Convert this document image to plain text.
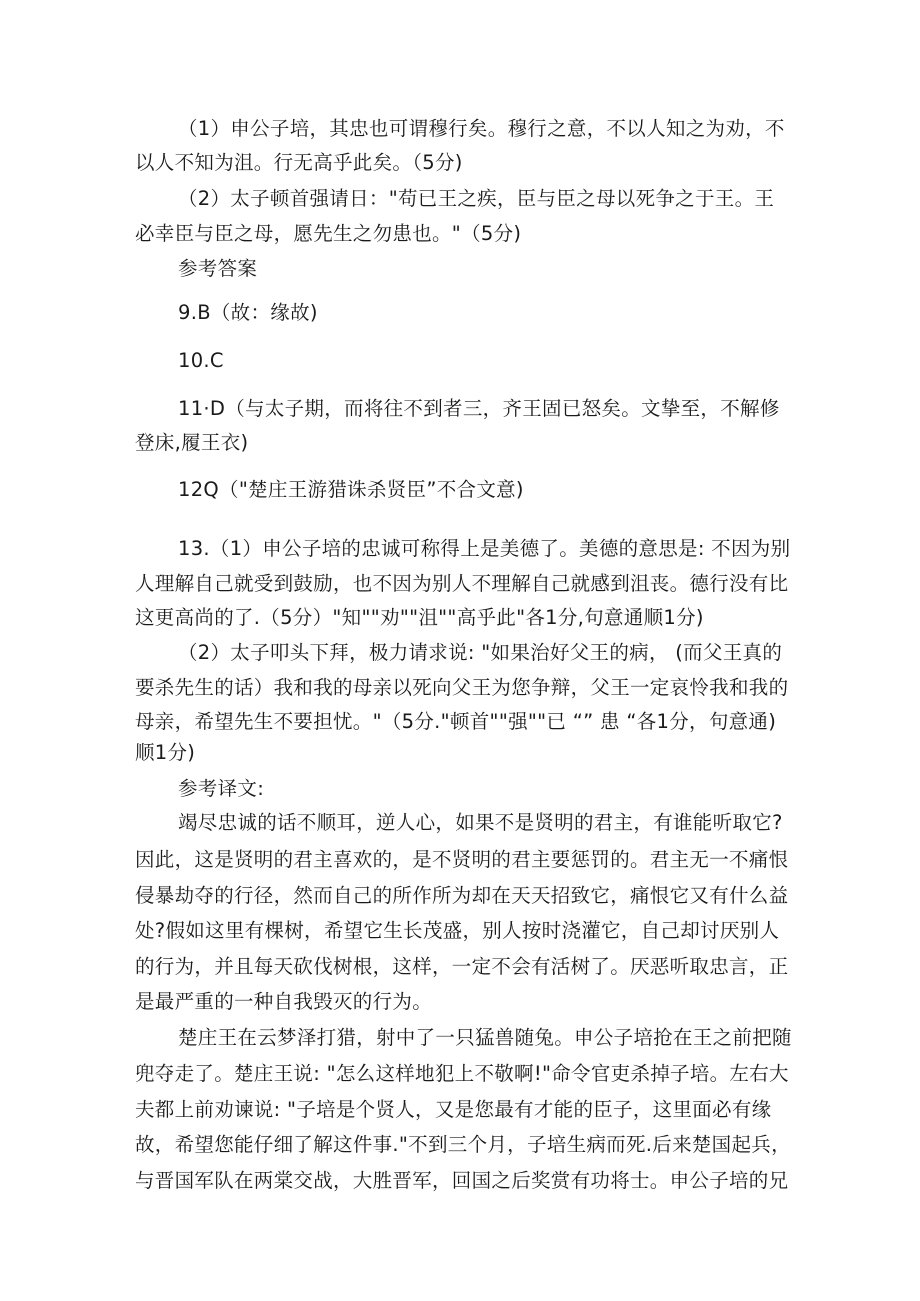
（1）申公子培，其忠也可谓穆行矣。穆行之意，不以人知之为劝，不
以人不知为沮。行无高乎此矣。（5分)
（2）太子顿首强请日："苟已王之疾，臣与臣之母以死争之于王。王
必幸臣与臣之母，愿先生之勿患也。"（5分)
参考答案
9.B（故：缘故)
10.C
11·D（与太子期，而将往不到者三，齐王固已怒矣。文挚至，不解修
登床,履王衣)
12Q（"楚庄王游猎诛杀贤臣”不合文意)
13.（1）申公子培的忠诚可称得上是美德了。美德的意思是: 不因为别
人理解自己就受到鼓励，也不因为别人不理解自己就感到沮丧。德行没有比
这更高尚的了.（5分）"知""劝""沮""高乎此"各1分,句意通顺1分)
（2）太子叩头下拜，极力请求说: "如果治好父王的病， (而父王真的
要杀先生的话）我和我的母亲以死向父王为您争辩，父王一定哀怜我和我的
母亲，希望先生不要担忧。"（5分."顿首""强""已 “” 患 “各1分，句意通)
顺1分)
参考译文:
竭尽忠诚的话不顺耳，逆人心，如果不是贤明的君主，有谁能听取它?
因此，这是贤明的君主喜欢的，是不贤明的君主要惩罚的。君主无一不痛恨
侵暴劫夺的行径，然而自己的所作所为却在天天招致它，痛恨它又有什么益
处?假如这里有棵树，希望它生长茂盛，别人按时浇灌它，自己却讨厌别人
的行为，并且每天砍伐树根，这样，一定不会有活树了。厌恶听取忠言，正
是最严重的一种自我毁灭的行为。
楚庄王在云梦泽打猎，射中了一只猛兽随兔。申公子培抢在王之前把随
兜夺走了。楚庄王说: "怎么这样地犯上不敬啊!"命令官吏杀掉子培。左右大
夫都上前劝谏说: "子培是个贤人，又是您最有才能的臣子，这里面必有缘
故，希望您能仔细了解这件事."不到三个月，子培生病而死.后来楚国起兵，
与晋国军队在两棠交战，大胜晋军，回国之后奖赏有功将士。申公子培的兄
